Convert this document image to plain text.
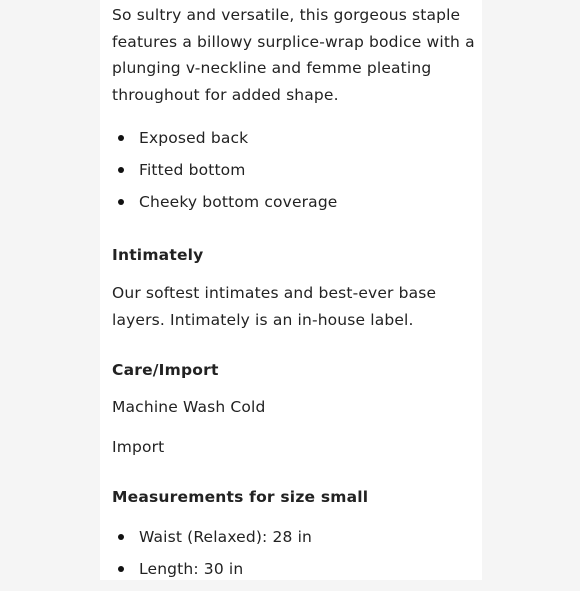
So sultry and versatile, this gorgeous staple features a billowy surplice-wrap bodice with a plunging v-neckline and femme pleating throughout for added shape.

Exposed back
Fitted bottom
Cheeky bottom coverage
Intimately

Our softest intimates and best-ever base layers. Intimately is an in-house label.

Care/Import

Machine Wash Cold

Import

Measurements for size small
Waist (Relaxed): 28 in
Length: 30 in
